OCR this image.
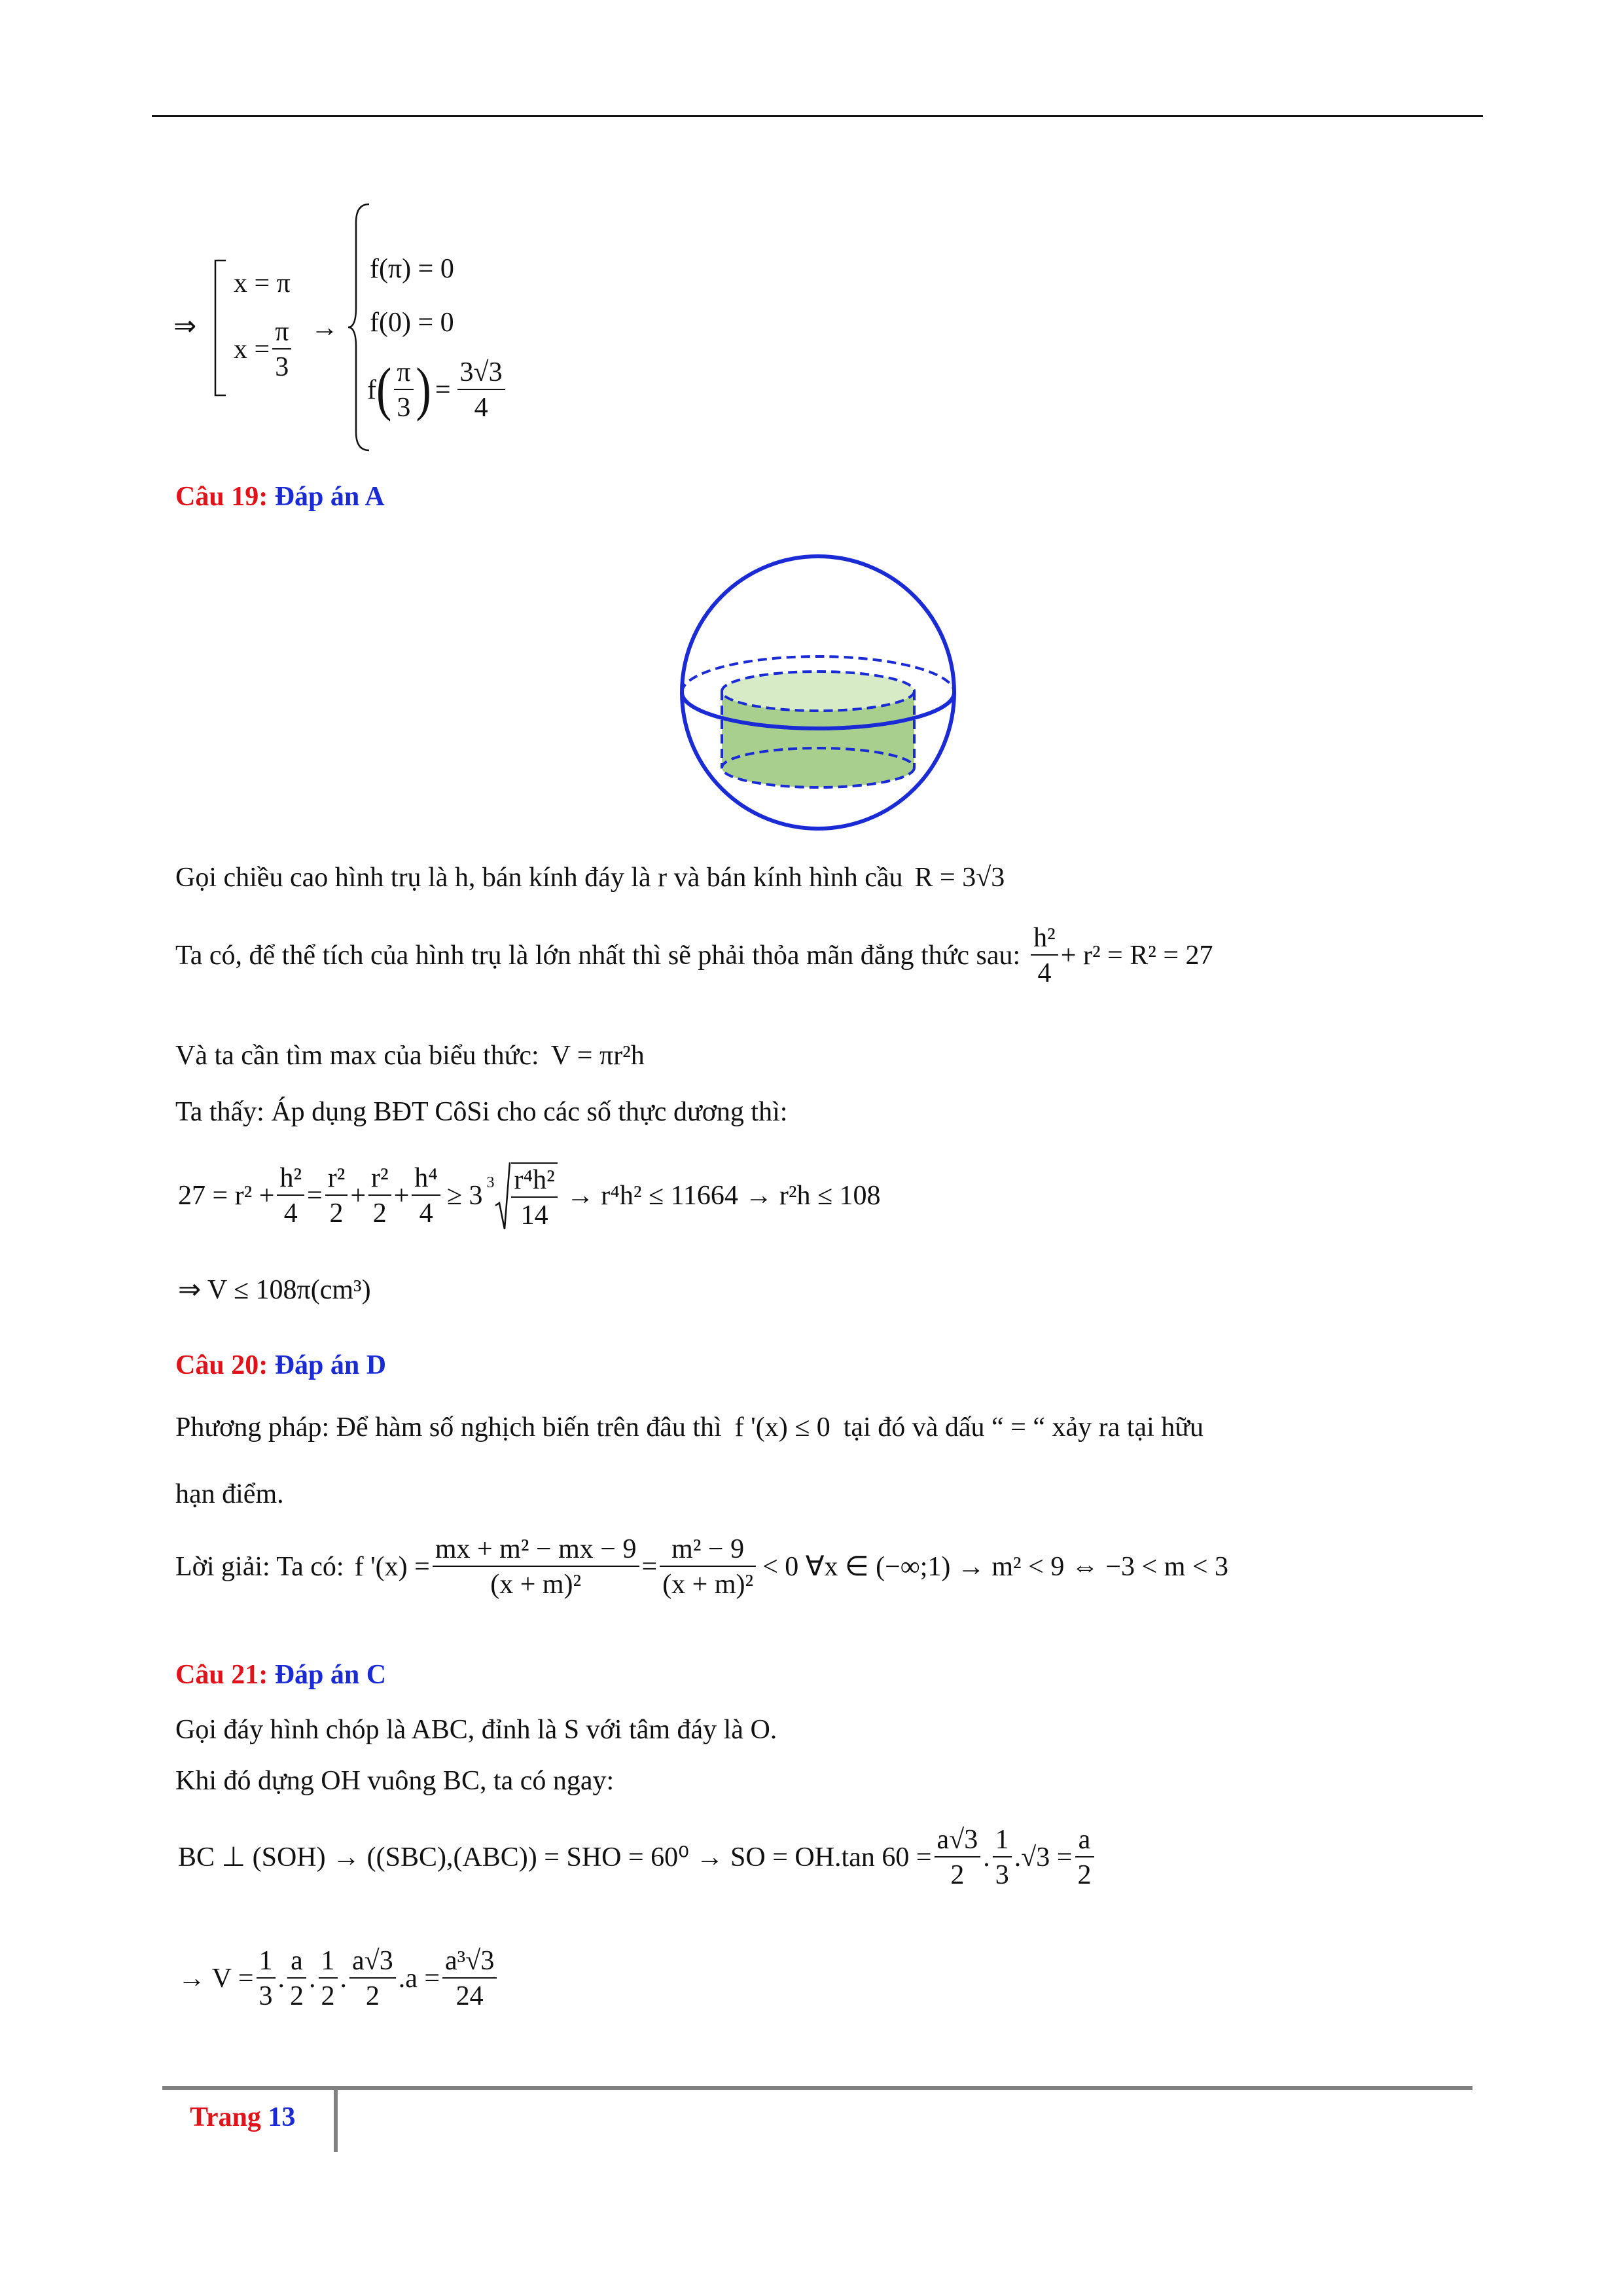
⇒
x = π
$x = \frac{\pi}{3}$ →
f(π) = 0
f(0) = 0
f ( $\frac{\pi}{3}$ ) = $\frac{3√3}{4}$
Câu 19: Đáp án A
Gọi chiều cao hình trụ là h, bán kính đáy là r và bán kính hình cầu R = 3√3
Ta có, để thể tích của hình trụ là lớn nhất thì sẽ phải thỏa mãn đẳng thức sau: $\frac{\text{h²}}{4} + r^2 = R^2 = 27$
Và ta cần tìm max của biểu thức: V = πr²h
Ta thấy: Áp dụng BĐT CôSi cho các số thực dương thì:
$27 = r^2 + \frac{\text{h²}}{4} = \frac{\text{r²}}{2} + \frac{\text{r²}}{2} + \frac{\text{h⁴}}{4} \ge 3$ $3 \frac{\text{r⁴h²}}{14} \to r^4h^2 \le 11664 \to r^2h \le 108$
⇒ V ≤ 108π(cm³)
Câu 20: Đáp án D
Phương pháp: Để hàm số nghịch biến trên đâu thì f '(x) ≤ 0 tại đó và dấu “ = “ xảy ra tại hữu
hạn điểm.
Lời giải: Ta có: f '$(x) = \frac{\text{mx + m² − mx − 9}}{\text{(x + m)²}} = \frac{\text{m² − 9}}{\text{(x + m)²}} < 0$ ∀x ∈ (−∞;1) → m² < 9 ⇔ −3 < m < 3
Câu 21: Đáp án C
Gọi đáy hình chóp là ABC, đỉnh là S với tâm đáy là O.
Khi đó dựng OH vuông BC, ta có ngay:
BC ⊥ (SOH) → ((SBC),(ABC)) = SHO = 60⁰ → SO = OH.tan $60 = \frac{a√3}{2}$ . $\frac{1}{3} .√3 = \frac{a}{2}$
→ $V = \frac{1}{3}$ . $\frac{a}{2}$ . $\frac{1}{2}$ . $\frac{a√3}{2} .a = \frac{\text{a³√3}}{24}$
Trang 13
